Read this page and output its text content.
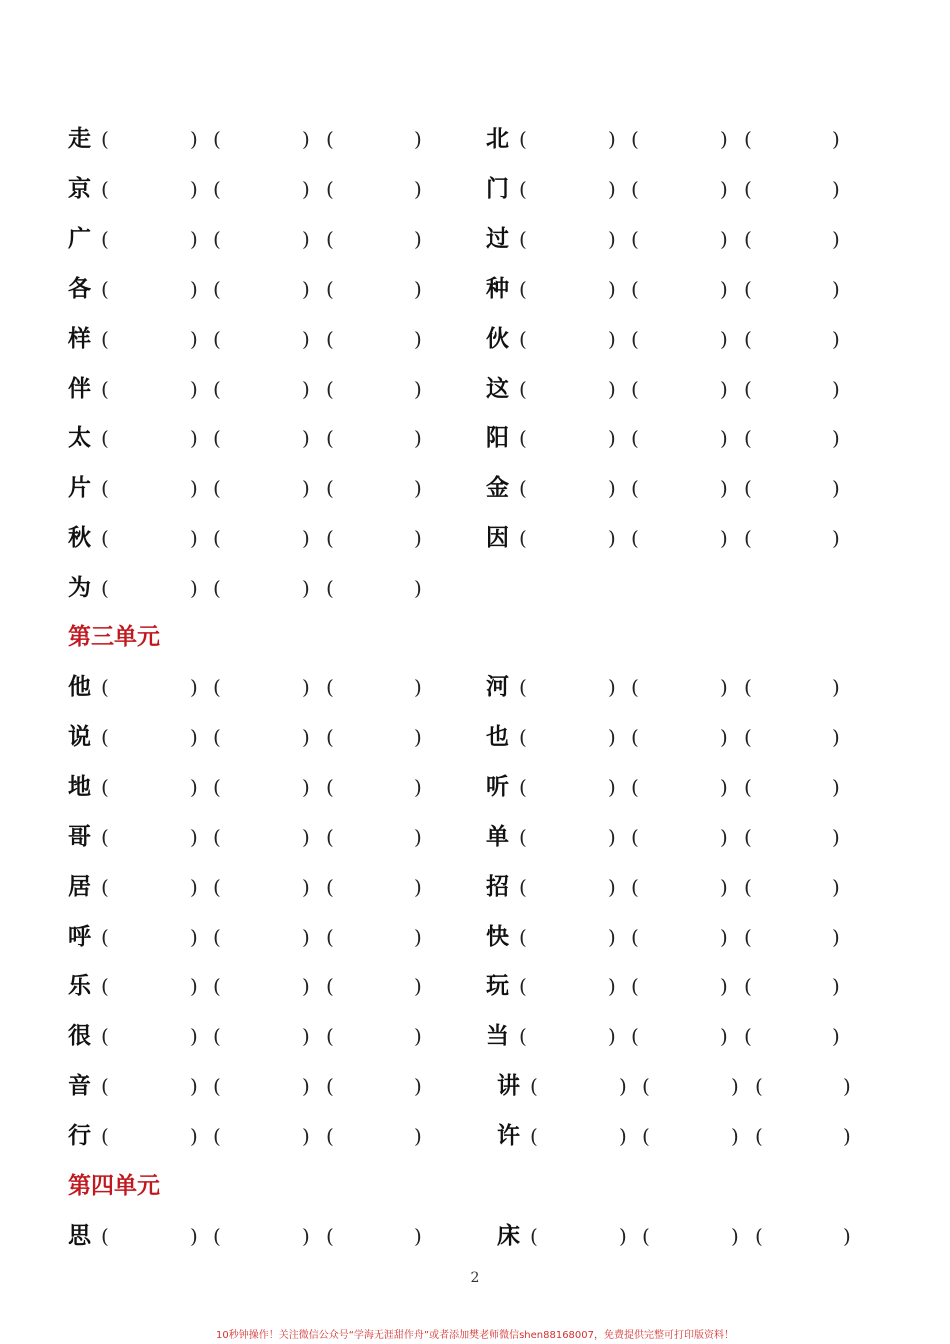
走 (	) (	) (	)	北 (	) (	) (	)
京 (	) (	) (	)	门 (	) (	) (	)
广 (	) (	) (	)	过 (	) (	) (	)
各 (	) (	) (	)	种 (	) (	) (	)
样 (	) (	) (	)	伙 (	) (	) (	)
伴 (	) (	) (	)	这 (	) (	) (	)
太 (	) (	) (	)	阳 (	) (	) (	)
片 (	) (	) (	)	金 (	) (	) (	)
秋 (	) (	) (	)	因 (	) (	) (	)
为 (	) (	) (	)
第三单元
他 (	) (	) (	)	河 (	) (	) (	)
说 (	) (	) (	)	也 (	) (	) (	)
地 (	) (	) (	)	听 (	) (	) (	)
哥 (	) (	) (	)	单 (	) (	) (	)
居 (	) (	) (	)	招 (	) (	) (	)
呼 (	) (	) (	)	快 (	) (	) (	)
乐 (	) (	) (	)	玩 (	) (	) (	)
很 (	) (	) (	)	当 (	) (	) (	)
音 (	) (	) (	)	讲 (	) (	) (	)
行 (	) (	) (	)	许 (	) (	) (	)
第四单元
思 (	) (	) (	)	床 (	) (	) (	)
2
10秒钟操作！关注微信公众号“学海无涯甜作舟”或者添加樊老师微信shen88168007，免费提供完整可打印版资料！
